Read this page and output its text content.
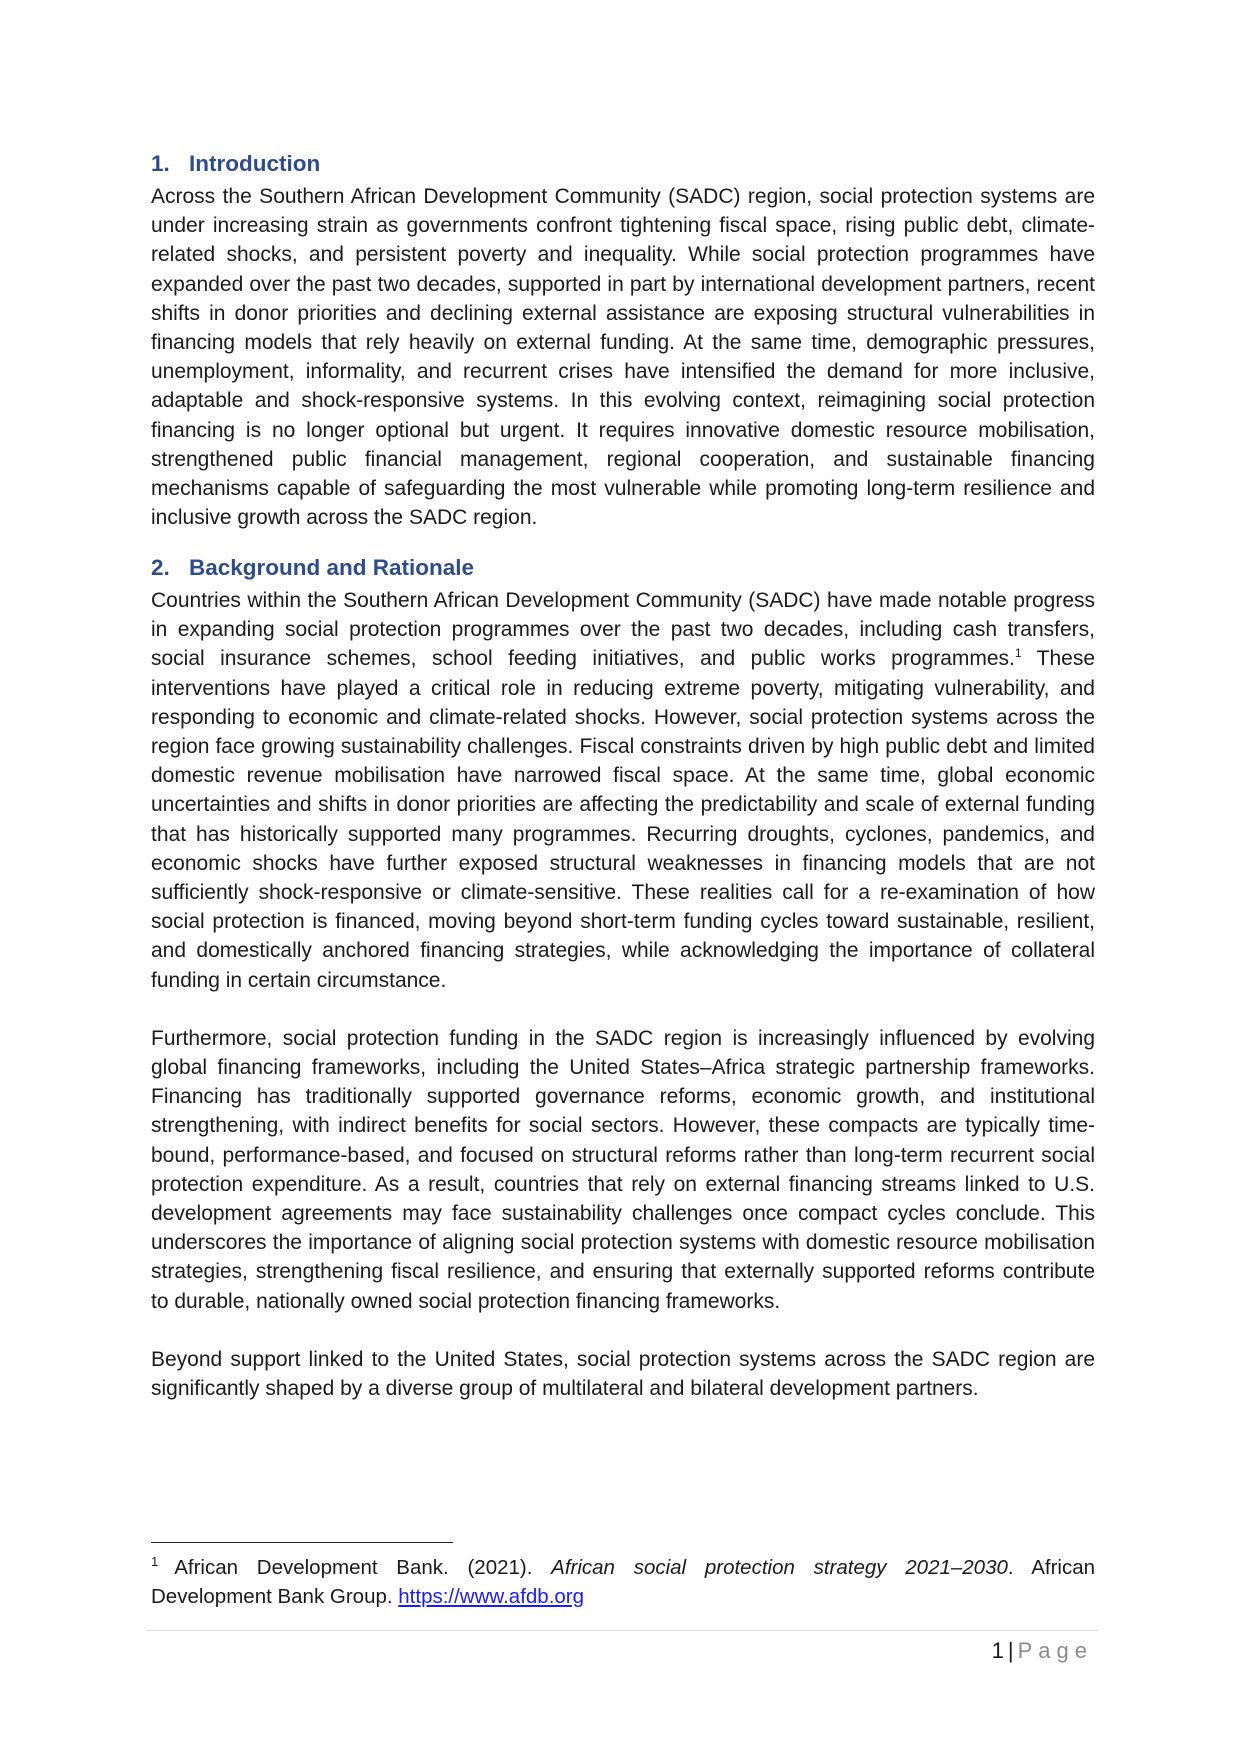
1. Introduction

Across the Southern African Development Community (SADC) region, social protection systems are under increasing strain as governments confront tightening fiscal space, rising public debt, climate-related shocks, and persistent poverty and inequality. While social protection programmes have expanded over the past two decades, supported in part by international development partners, recent shifts in donor priorities and declining external assistance are exposing structural vulnerabilities in financing models that rely heavily on external funding. At the same time, demographic pressures, unemployment, informality, and recurrent crises have intensified the demand for more inclusive, adaptable and shock-responsive systems. In this evolving context, reimagining social protection financing is no longer optional but urgent. It requires innovative domestic resource mobilisation, strengthened public financial management, regional cooperation, and sustainable financing mechanisms capable of safeguarding the most vulnerable while promoting long-term resilience and inclusive growth across the SADC region.

2. Background and Rationale

Countries within the Southern African Development Community (SADC) have made notable progress in expanding social protection programmes over the past two decades, including cash transfers, social insurance schemes, school feeding initiatives, and public works programmes.$^1$ These interventions have played a critical role in reducing extreme poverty, mitigating vulnerability, and responding to economic and climate-related shocks. However, social protection systems across the region face growing sustainability challenges. Fiscal constraints driven by high public debt and limited domestic revenue mobilisation have narrowed fiscal space. At the same time, global economic uncertainties and shifts in donor priorities are affecting the predictability and scale of external funding that has historically supported many programmes. Recurring droughts, cyclones, pandemics, and economic shocks have further exposed structural weaknesses in financing models that are not sufficiently shock-responsive or climate-sensitive. These realities call for a re-examination of how social protection is financed, moving beyond short-term funding cycles toward sustainable, resilient, and domestically anchored financing strategies, while acknowledging the importance of collateral funding in certain circumstance.

Furthermore, social protection funding in the SADC region is increasingly influenced by evolving global financing frameworks, including the United States–Africa strategic partnership frameworks. Financing has traditionally supported governance reforms, economic growth, and institutional strengthening, with indirect benefits for social sectors. However, these compacts are typically time-bound, performance-based, and focused on structural reforms rather than long-term recurrent social protection expenditure. As a result, countries that rely on external financing streams linked to U.S. development agreements may face sustainability challenges once compact cycles conclude. This underscores the importance of aligning social protection systems with domestic resource mobilisation strategies, strengthening fiscal resilience, and ensuring that externally supported reforms contribute to durable, nationally owned social protection financing frameworks.

Beyond support linked to the United States, social protection systems across the SADC region are significantly shaped by a diverse group of multilateral and bilateral development partners.

$^1$ African Development Bank. (2021). African social protection strategy 2021–2030. African Development Bank Group. https://www.afdb.org

1 | Page
